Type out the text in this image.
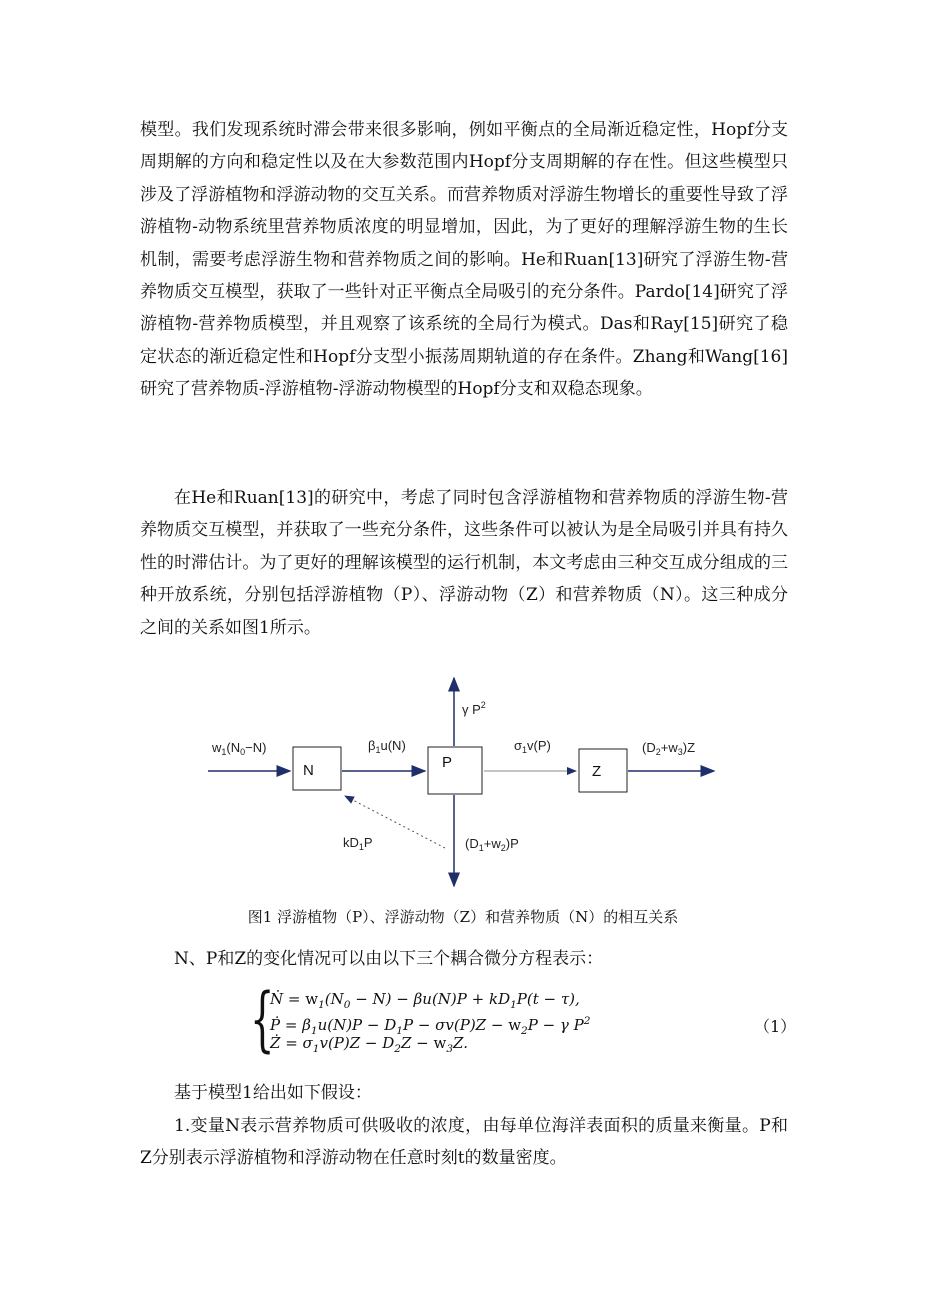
模型。我们发现系统时滞会带来很多影响，例如平衡点的全局渐近稳定性，Hopf分支周期解的方向和稳定性以及在大参数范围内Hopf分支周期解的存在性。但这些模型只涉及了浮游植物和浮游动物的交互关系。而营养物质对浮游生物增长的重要性导致了浮游植物-动物系统里营养物质浓度的明显增加，因此，为了更好的理解浮游生物的生长机制，需要考虑浮游生物和营养物质之间的影响。He和Ruan[13]研究了浮游生物-营养物质交互模型，获取了一些针对正平衡点全局吸引的充分条件。Pardo[14]研究了浮游植物-营养物质模型，并且观察了该系统的全局行为模式。Das和Ray[15]研究了稳定状态的渐近稳定性和Hopf分支型小振荡周期轨道的存在条件。Zhang和Wang[16]研究了营养物质-浮游植物-浮游动物模型的Hopf分支和双稳态现象。

在He和Ruan[13]的研究中，考虑了同时包含浮游植物和营养物质的浮游生物-营养物质交互模型，并获取了一些充分条件，这些条件可以被认为是全局吸引并具有持久性的时滞估计。为了更好的理解该模型的运行机制，本文考虑由三种交互成分组成的三种开放系统，分别包括浮游植物（P）、浮游动物（Z）和营养物质（N）。这三种成分之间的关系如图1所示。

$w_1(N_0-N)$
N
$\beta_1u(N)$
P
γ $P^2$
$(D_1+w_2)P$
$kD_1P$
$\sigma_1v(P)$
Z
$(D_2+w_3)Z$
图1 浮游植物（P）、浮游动物（Z）和营养物质（N）的相互关系
N、P和Z的变化情况可以由以下三个耦合微分方程表示：
{
Ṅ = $w_1(N_0 - N) - \beta u(N)P + kD_1P(t - \tau)$,
Ṗ = $\beta_1u(N)P - D_1P - \sigma v(P)Z - w_2P - \gamma$ $P^2$
Ż = $\sigma_1v(P)Z - D_2Z - w_3Z$.
（1）
基于模型1给出如下假设：

1.变量N表示营养物质可供吸收的浓度，由每单位海洋表面积的质量来衡量。P和Z分别表示浮游植物和浮游动物在任意时刻t的数量密度。
